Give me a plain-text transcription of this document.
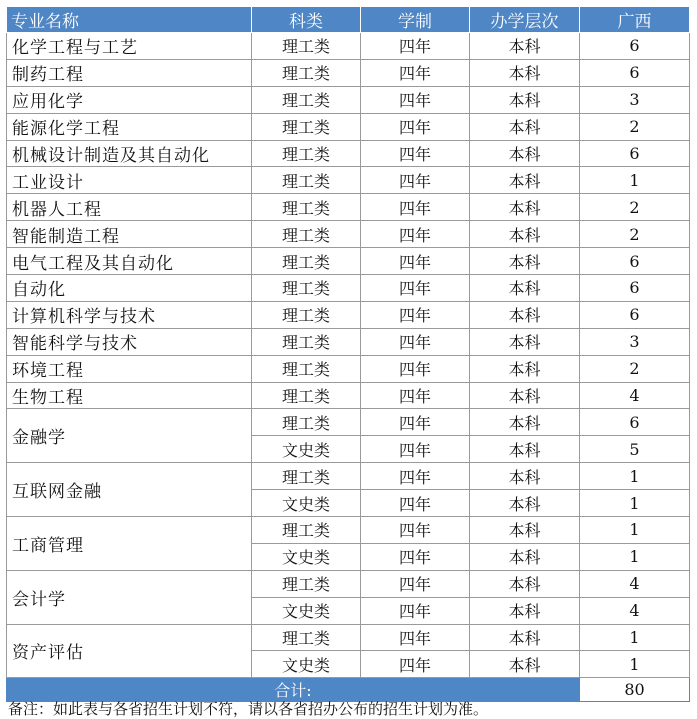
专业名称	科类	学制	办学层次	广西
化学工程与工艺	理工类	四年	本科	6
制药工程	理工类	四年	本科	6
应用化学	理工类	四年	本科	3
能源化学工程	理工类	四年	本科	2
机械设计制造及其自动化	理工类	四年	本科	6
工业设计	理工类	四年	本科	1
机器人工程	理工类	四年	本科	2
智能制造工程	理工类	四年	本科	2
电气工程及其自动化	理工类	四年	本科	6
自动化	理工类	四年	本科	6
计算机科学与技术	理工类	四年	本科	6
智能科学与技术	理工类	四年	本科	3
环境工程	理工类	四年	本科	2
生物工程	理工类	四年	本科	4
金融学	理工类	四年	本科	6
	文史类	四年	本科	5
互联网金融	理工类	四年	本科	1
	文史类	四年	本科	1
工商管理	理工类	四年	本科	1
	文史类	四年	本科	1
会计学	理工类	四年	本科	4
	文史类	四年	本科	4
资产评估	理工类	四年	本科	1
	文史类	四年	本科	1
合计:				80
备注：如此表与各省招生计划不符，请以各省招办公布的招生计划为准。
